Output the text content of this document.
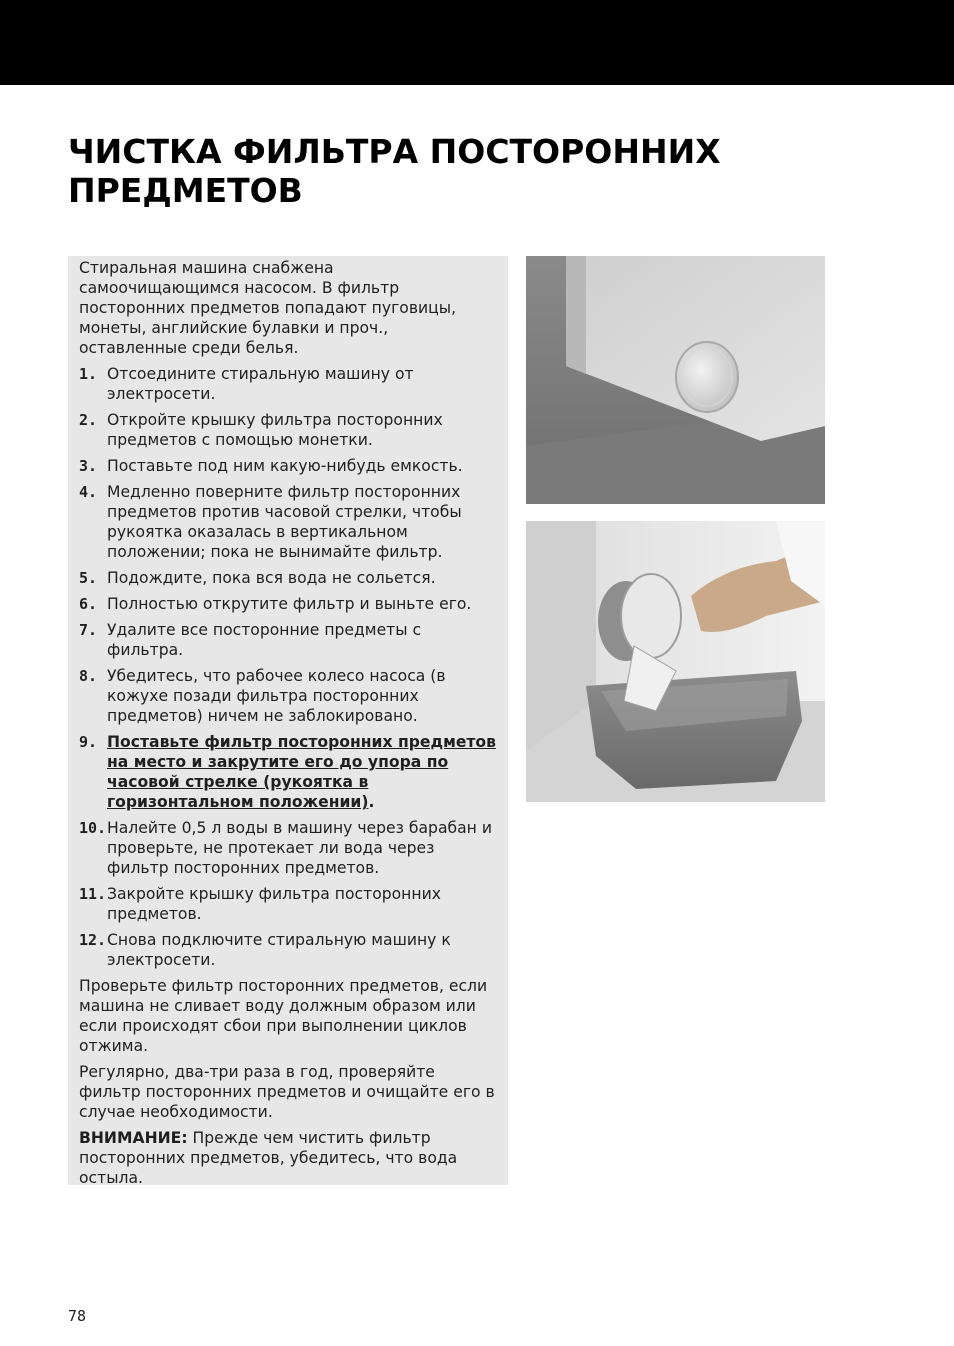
ЧИСТКА ФИЛЬТРА ПОСТОРОННИХ
ПРЕДМЕТОВ

Стиральная машина снабжена самоочищающимся насосом. В фильтр посторонних предметов попадают пуговицы, монеты, английские булавки и проч., оставленные среди белья.

1. Отсоедините стиральную машину от электросети.
2. Откройте крышку фильтра посторонних предметов с помощью монетки.
3. Поставьте под ним какую-нибудь емкость.
4. Медленно поверните фильтр посторонних предметов против часовой стрелки, чтобы рукоятка оказалась в вертикальном положении; пока не вынимайте фильтр.
5. Подождите, пока вся вода не сольется.
6. Полностью открутите фильтр и выньте его.
7. Удалите все посторонние предметы с фильтра.
8. Убедитесь, что рабочее колесо насоса (в кожухе позади фильтра посторонних предметов) ничем не заблокировано.
9. Поставьте фильтр посторонних предметов на место и закрутите его до упора по часовой стрелке (рукоятка в горизонтальном положении).
10. Налейте 0,5 л воды в машину через барабан и проверьте, не протекает ли вода через фильтр посторонних предметов.
11. Закройте крышку фильтра посторонних предметов.
12. Снова подключите стиральную машину к электросети.

Проверьте фильтр посторонних предметов, если машина не сливает воду должным образом или если происходят сбои при выполнении циклов отжима.

Регулярно, два-три раза в год, проверяйте фильтр посторонних предметов и очищайте его в случае необходимости.

ВНИМАНИЕ: Прежде чем чистить фильтр посторонних предметов, убедитесь, что вода остыла.

78
